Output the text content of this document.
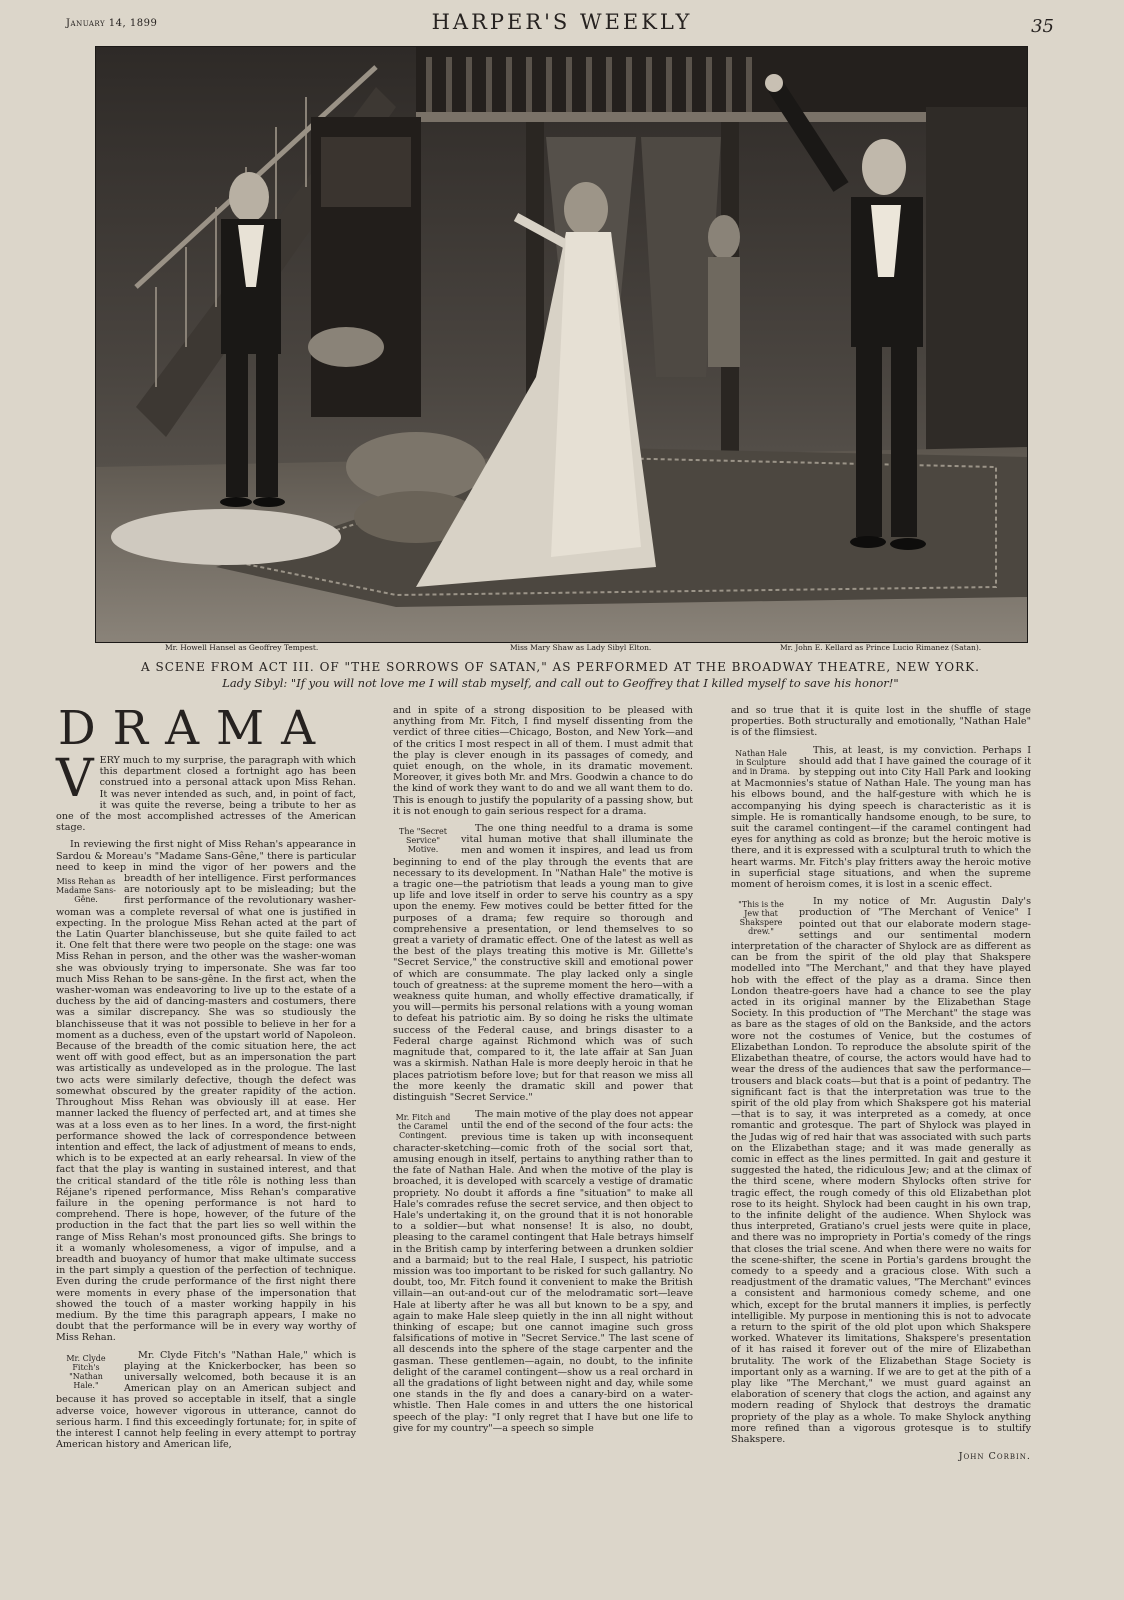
January 14, 1899	HARPER'S WEEKLY	35
Mr. Howell Hansel as Geoffrey Tempest.	Miss Mary Shaw as Lady Sibyl Elton.	Mr. John E. Kellard as Prince Lucio Rimanez (Satan).
A SCENE FROM ACT III. OF "THE SORROWS OF SATAN," AS PERFORMED AT THE BROADWAY THEATRE, NEW YORK.
Lady Sibyl: "If you will not love me I will stab myself, and call out to Geoffrey that I killed myself to save his honor!"
DRAMA

VERY much to my surprise, the paragraph with which this department closed a fortnight ago has been construed into a personal attack upon Miss Rehan. It was never intended as such, and, in point of fact, it was quite the reverse, being a tribute to her as one of the most accomplished actresses of the American stage.

In reviewing the first night of Miss Rehan's appearance in Sardou & Moreau's "Madame Sans-Gêne," there is particular need to keep in mind the vigor of her powers and the breadth of her intelligence.
Miss Rehan as Madame Sans-Gêne.
First performances are notoriously apt to be misleading; but the first performance of the revolutionary washer-woman was a complete reversal of what one is justified in expecting. In the prologue Miss Rehan acted at the part of the Latin Quarter blanchisseuse, but she quite failed to act it. One felt that there were two people on the stage: one was Miss Rehan in person, and the other was the washer-woman she was obviously trying to impersonate. She was far too much Miss Rehan to be sans-gêne. In the first act, when the washer-woman was endeavoring to live up to the estate of a duchess by the aid of dancing-masters and costumers, there was a similar discrepancy. She was so studiously the blanchisseuse that it was not possible to believe in her for a moment as a duchess, even of the upstart world of Napoleon. Because of the breadth of the comic situation here, the act went off with good effect, but as an impersonation the part was artistically as undeveloped as in the prologue. The last two acts were similarly defective, though the defect was somewhat obscured by the greater rapidity of the action. Throughout Miss Rehan was obviously ill at ease. Her manner lacked the fluency of perfected art, and at times she was at a loss even as to her lines. In a word, the first-night performance showed the lack of correspondence between intention and effect, the lack of adjustment of means to ends, which is to be expected at an early rehearsal. In view of the fact that the play is wanting in sustained interest, and that the critical standard of the title rôle is nothing less than Réjane's ripened performance, Miss Rehan's comparative failure in the opening performance is not hard to comprehend. There is hope, however, of the future of the production in the fact that the part lies so well within the range of Miss Rehan's most pronounced gifts. She brings to it a womanly wholesomeness, a vigor of impulse, and a breadth and buoyancy of humor that make ultimate success in the part simply a question of the perfection of technique. Even during the crude performance of the first night there were moments in every phase of the impersonation that showed the touch of a master working happily in his medium. By the time this paragraph appears, I make no doubt that the performance will be in every way worthy of Miss Rehan.

Mr. Clyde Fitch's "Nathan Hale."
Mr. Clyde Fitch's "Nathan Hale," which is playing at the Knickerbocker, has been so universally welcomed, both because it is an American play on an American subject and because it has proved so acceptable in itself, that a single adverse voice, however vigorous in utterance, cannot do serious harm. I find this exceedingly fortunate; for, in spite of the interest I cannot help feeling in every attempt to portray American history and American life,

and in spite of a strong disposition to be pleased with anything from Mr. Fitch, I find myself dissenting from the verdict of three cities—Chicago, Boston, and New York—and of the critics I most respect in all of them. I must admit that the play is clever enough in its passages of comedy, and quiet enough, on the whole, in its dramatic movement. Moreover, it gives both Mr. and Mrs. Goodwin a chance to do the kind of work they want to do and we all want them to do. This is enough to justify the popularity of a passing show, but it is not enough to gain serious respect for a drama.

The "Secret Service" Motive.
The one thing needful to a drama is some vital human motive that shall illuminate the men and women it inspires, and lead us from beginning to end of the play through the events that are necessary to its development. In "Nathan Hale" the motive is a tragic one—the patriotism that leads a young man to give up life and love itself in order to serve his country as a spy upon the enemy. Few motives could be better fitted for the purposes of a drama; few require so thorough and comprehensive a presentation, or lend themselves to so great a variety of dramatic effect. One of the latest as well as the best of the plays treating this motive is Mr. Gillette's "Secret Service," the constructive skill and emotional power of which are consummate. The play lacked only a single touch of greatness: at the supreme moment the hero—with a weakness quite human, and wholly effective dramatically, if you will—permits his personal relations with a young woman to defeat his patriotic aim. By so doing he risks the ultimate success of the Federal cause, and brings disaster to a Federal charge against Richmond which was of such magnitude that, compared to it, the late affair at San Juan was a skirmish. Nathan Hale is more deeply heroic in that he places patriotism before love; but for that reason we miss all the more keenly the dramatic skill and power that distinguish "Secret Service."

Mr. Fitch and the Caramel Contingent.
The main motive of the play does not appear until the end of the second of the four acts: the previous time is taken up with inconsequent character-sketching—comic froth of the social sort that, amusing enough in itself, pertains to anything rather than to the fate of Nathan Hale. And when the motive of the play is broached, it is developed with scarcely a vestige of dramatic propriety. No doubt it affords a fine "situation" to make all Hale's comrades refuse the secret service, and then object to Hale's undertaking it, on the ground that it is not honorable to a soldier—but what nonsense! It is also, no doubt, pleasing to the caramel contingent that Hale betrays himself in the British camp by interfering between a drunken soldier and a barmaid; but to the real Hale, I suspect, his patriotic mission was too important to be risked for such gallantry. No doubt, too, Mr. Fitch found it convenient to make the British villain—an out-and-out cur of the melodramatic sort—leave Hale at liberty after he was all but known to be a spy, and again to make Hale sleep quietly in the inn all night without thinking of escape; but one cannot imagine such gross falsifications of motive in "Secret Service." The last scene of all descends into the sphere of the stage carpenter and the gasman. These gentlemen—again, no doubt, to the infinite delight of the caramel contingent—show us a real orchard in all the gradations of light between night and day, while some one stands in the fly and does a canary-bird on a water-whistle. Then Hale comes in and utters the one historical speech of the play: "I only regret that I have but one life to give for my country"—a speech so simple

and so true that it is quite lost in the shuffle of stage properties. Both structurally and emotionally, "Nathan Hale" is of the flimsiest.

Nathan Hale in Sculpture and in Drama.
This, at least, is my conviction. Perhaps I should add that I have gained the courage of it by stepping out into City Hall Park and looking at Macmonnies's statue of Nathan Hale. The young man has his elbows bound, and the half-gesture with which he is accompanying his dying speech is characteristic as it is simple. He is romantically handsome enough, to be sure, to suit the caramel contingent—if the caramel contingent had eyes for anything as cold as bronze; but the heroic motive is there, and it is expressed with a sculptural truth to which the heart warms. Mr. Fitch's play fritters away the heroic motive in superficial stage situations, and when the supreme moment of heroism comes, it is lost in a scenic effect.

"This is the Jew that Shakspere drew."
In my notice of Mr. Augustin Daly's production of "The Merchant of Venice" I pointed out that our elaborate modern stage-settings and our sentimental modern interpretation of the character of Shylock are as different as can be from the spirit of the old play that Shakspere modelled into "The Merchant," and that they have played hob with the effect of the play as a drama. Since then London theatre-goers have had a chance to see the play acted in its original manner by the Elizabethan Stage Society. In this production of "The Merchant" the stage was as bare as the stages of old on the Bankside, and the actors wore not the costumes of Venice, but the costumes of Elizabethan London. To reproduce the absolute spirit of the Elizabethan theatre, of course, the actors would have had to wear the dress of the audiences that saw the performance—trousers and black coats—but that is a point of pedantry. The significant fact is that the interpretation was true to the spirit of the old play from which Shakspere got his material—that is to say, it was interpreted as a comedy, at once romantic and grotesque. The part of Shylock was played in the Judas wig of red hair that was associated with such parts on the Elizabethan stage; and it was made generally as comic in effect as the lines permitted. In gait and gesture it suggested the hated, the ridiculous Jew; and at the climax of the third scene, where modern Shylocks often strive for tragic effect, the rough comedy of this old Elizabethan plot rose to its height. Shylock had been caught in his own trap, to the infinite delight of the audience. When Shylock was thus interpreted, Gratiano's cruel jests were quite in place, and there was no impropriety in Portia's comedy of the rings that closes the trial scene. And when there were no waits for the scene-shifter, the scene in Portia's gardens brought the comedy to a speedy and a gracious close. With such a readjustment of the dramatic values, "The Merchant" evinces a consistent and harmonious comedy scheme, and one which, except for the brutal manners it implies, is perfectly intelligible. My purpose in mentioning this is not to advocate a return to the spirit of the old plot upon which Shakspere worked. Whatever its limitations, Shakspere's presentation of it has raised it forever out of the mire of Elizabethan brutality. The work of the Elizabethan Stage Society is important only as a warning. If we are to get at the pith of a play like "The Merchant," we must guard against an elaboration of scenery that clogs the action, and against any modern reading of Shylock that destroys the dramatic propriety of the play as a whole. To make Shylock anything more refined than a vigorous grotesque is to stultify Shakspere.

John Corbin.
